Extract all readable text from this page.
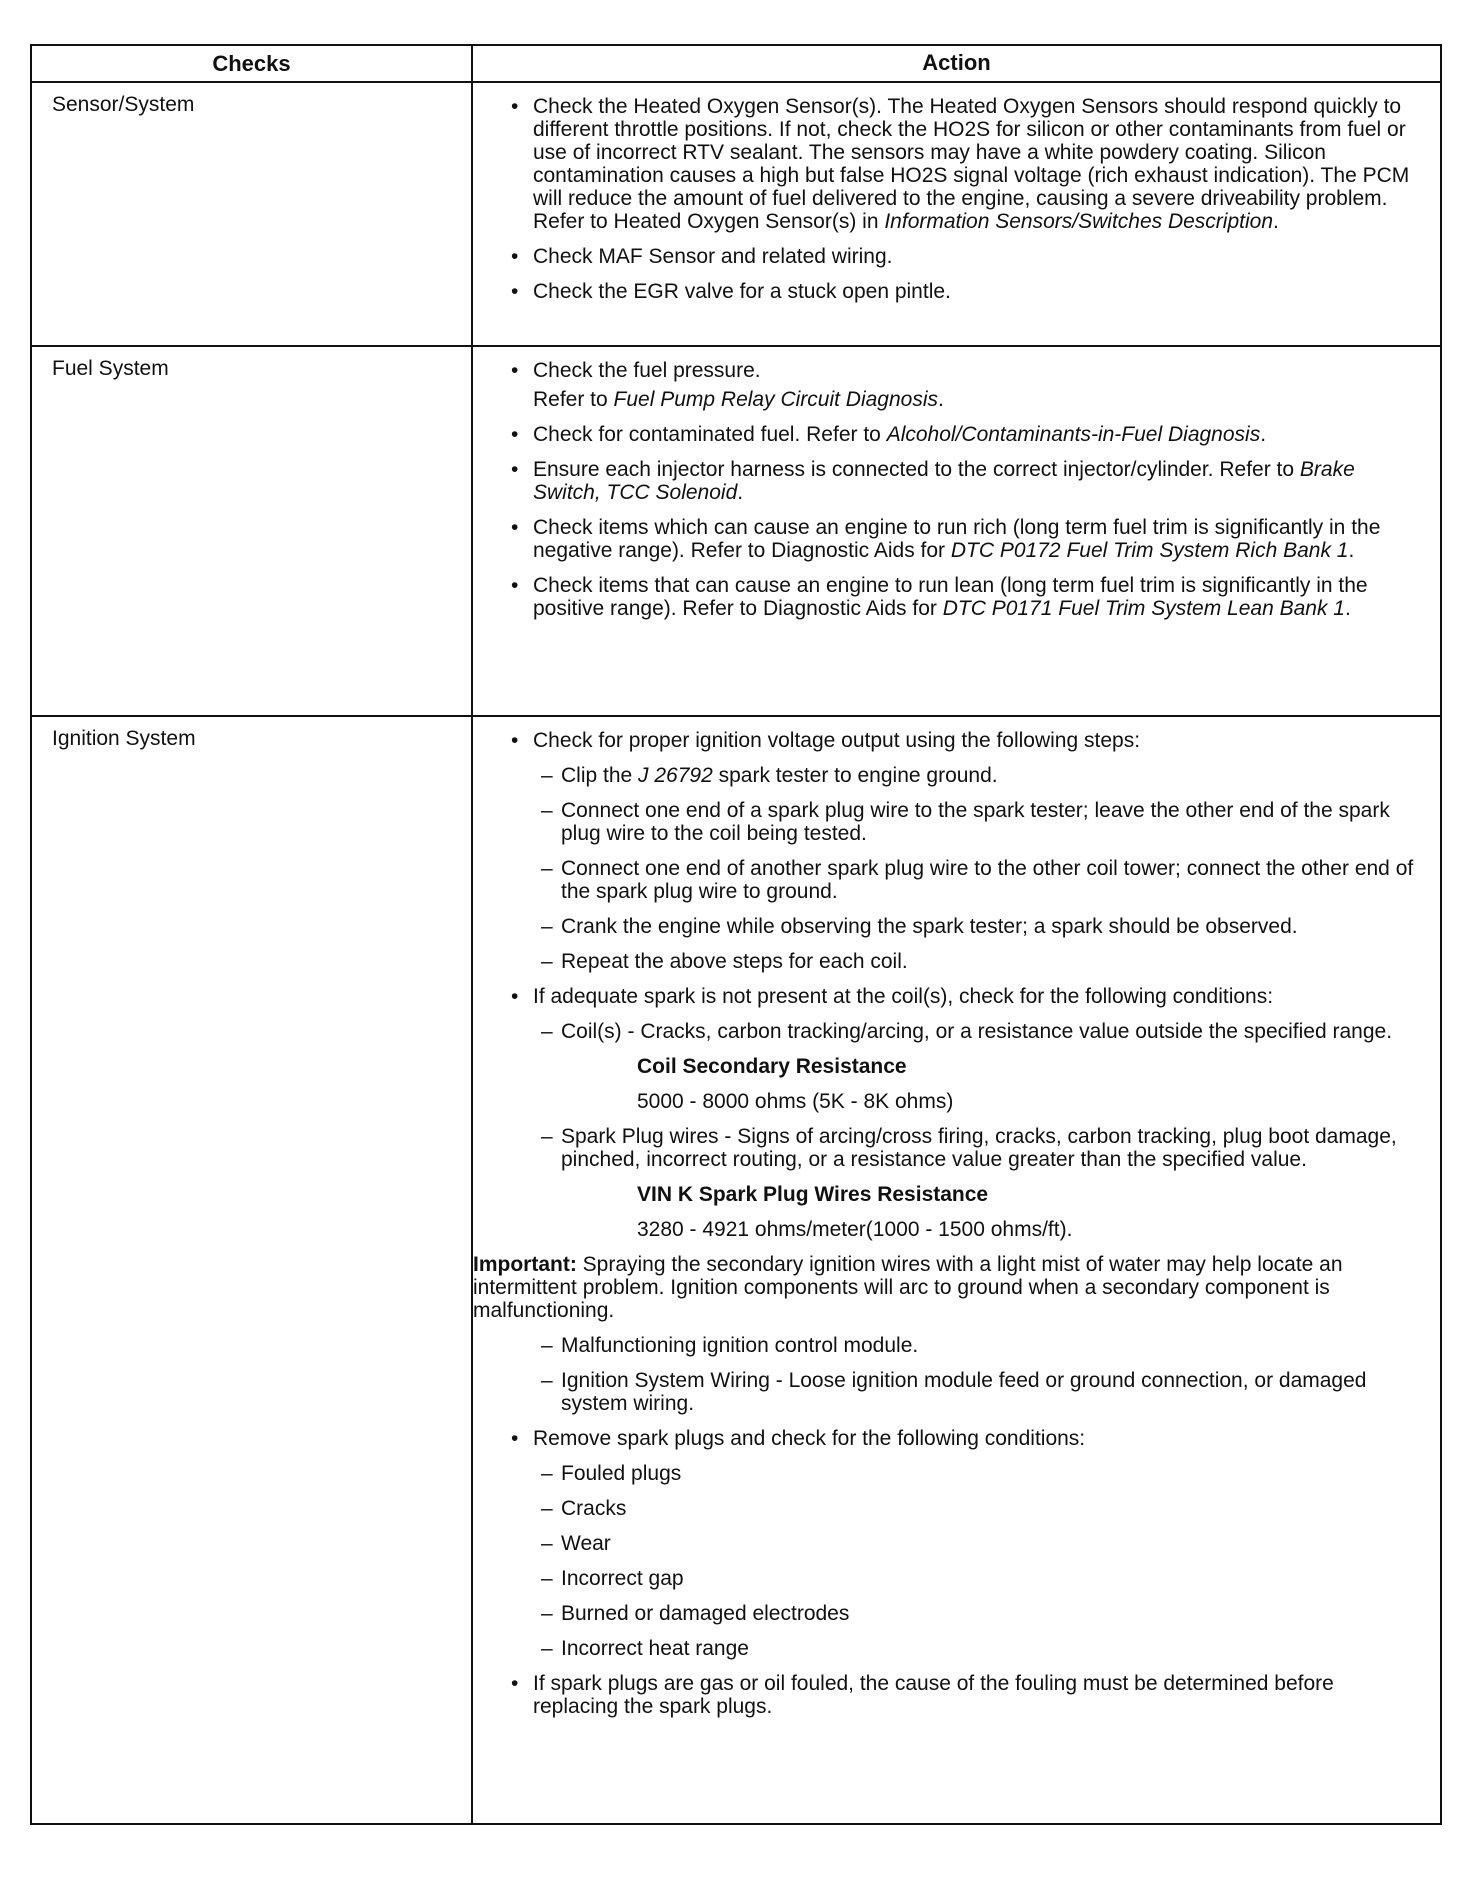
Checks	Action
Sensor/System	• Check the Heated Oxygen Sensor(s). The Heated Oxygen Sensors should respond quickly to different throttle positions. If not, check the HO2S for silicon or other contaminants from fuel or use of incorrect RTV sealant. The sensors may have a white powdery coating. Silicon contamination causes a high but false HO2S signal voltage (rich exhaust indication). The PCM will reduce the amount of fuel delivered to the engine, causing a severe driveability problem. Refer to Heated Oxygen Sensor(s) in Information Sensors/Switches Description.
• Check MAF Sensor and related wiring.
• Check the EGR valve for a stuck open pintle.
Fuel System	• Check the fuel pressure.
Refer to Fuel Pump Relay Circuit Diagnosis.
• Check for contaminated fuel. Refer to Alcohol/Contaminants-in-Fuel Diagnosis.
• Ensure each injector harness is connected to the correct injector/cylinder. Refer to Brake Switch, TCC Solenoid.
• Check items which can cause an engine to run rich (long term fuel trim is significantly in the negative range). Refer to Diagnostic Aids for DTC P0172 Fuel Trim System Rich Bank 1.
• Check items that can cause an engine to run lean (long term fuel trim is significantly in the positive range). Refer to Diagnostic Aids for DTC P0171 Fuel Trim System Lean Bank 1.
Ignition System	• Check for proper ignition voltage output using the following steps:
– Clip the J 26792 spark tester to engine ground.
– Connect one end of a spark plug wire to the spark tester; leave the other end of the spark plug wire to the coil being tested.
– Connect one end of another spark plug wire to the other coil tower; connect the other end of the spark plug wire to ground.
– Crank the engine while observing the spark tester; a spark should be observed.
– Repeat the above steps for each coil.
• If adequate spark is not present at the coil(s), check for the following conditions:
– Coil(s) - Cracks, carbon tracking/arcing, or a resistance value outside the specified range.
Coil Secondary Resistance
5000 - 8000 ohms (5K - 8K ohms)
– Spark Plug wires - Signs of arcing/cross firing, cracks, carbon tracking, plug boot damage, pinched, incorrect routing, or a resistance value greater than the specified value.
VIN K Spark Plug Wires Resistance
3280 - 4921 ohms/meter(1000 - 1500 ohms/ft).
Important: Spraying the secondary ignition wires with a light mist of water may help locate an intermittent problem. Ignition components will arc to ground when a secondary component is malfunctioning.
– Malfunctioning ignition control module.
– Ignition System Wiring - Loose ignition module feed or ground connection, or damaged system wiring.
• Remove spark plugs and check for the following conditions:
– Fouled plugs
– Cracks
– Wear
– Incorrect gap
– Burned or damaged electrodes
– Incorrect heat range
• If spark plugs are gas or oil fouled, the cause of the fouling must be determined before replacing the spark plugs.
